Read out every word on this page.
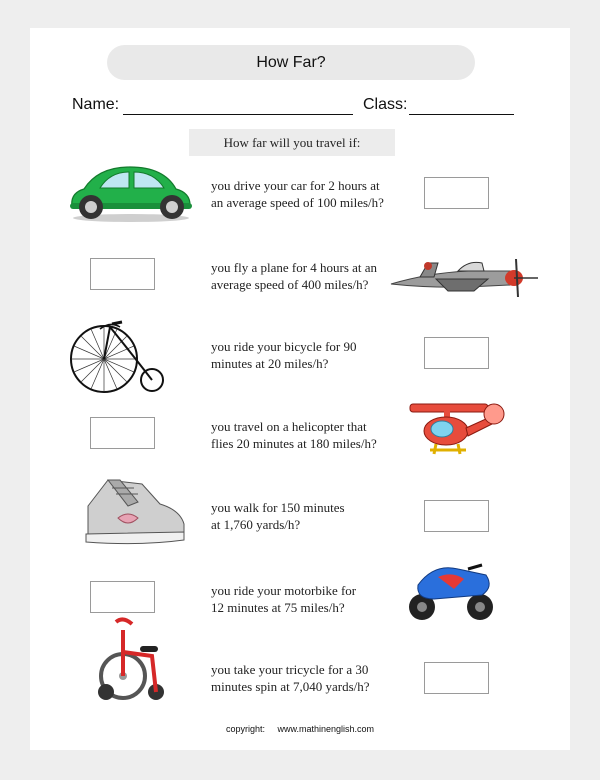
How Far?
Name:	Class:
How far will you travel if:
you drive your car for 2 hours at
an average speed of 100 miles/h?
you fly a plane for 4 hours at an
average speed of 400 miles/h?
you ride your bicycle for 90
minutes at 20 miles/h?
you travel on a helicopter that
flies 20 minutes at 180 miles/h?
you walk for 150 minutes
at 1,760 yards/h?
you ride your motorbike for
12 minutes at 75 miles/h?
you take your tricycle for a 30
minutes spin at 7,040 yards/h?
copyright: www.mathinenglish.com
